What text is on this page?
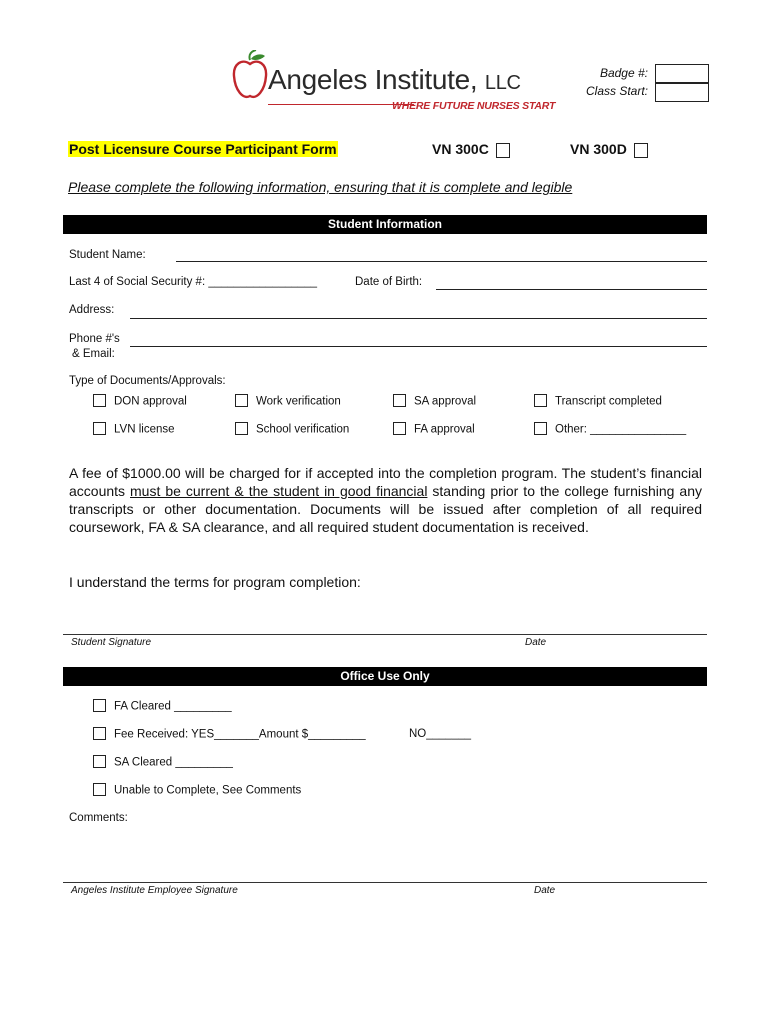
Angeles Institute, LLC
WHERE FUTURE NURSES START
Badge #:
Class Start:
Post Licensure Course Participant Form	VN 300C	VN 300D
Please complete the following information, ensuring that it is complete and legible
Student Information
Student Name:
Last 4 of Social Security #: _________________	Date of Birth:
Address:
Phone #'s
& Email:
Type of Documents/Approvals:
DON approval	Work verification	SA approval	Transcript completed
LVN license	School verification	FA approval	Other: _______________
A fee of $1000.00 will be charged for if accepted into the completion program. The student’s financial accounts must be current & the student in good financial standing prior to the college furnishing any transcripts or other documentation. Documents will be issued after completion of all required coursework, FA & SA clearance, and all required student documentation is received.
I understand the terms for program completion:
Student Signature	Date
Office Use Only
FA Cleared _________
Fee Received: YES_______Amount $_________	NO_______
SA Cleared _________
Unable to Complete, See Comments
Comments:
Angeles Institute Employee Signature	Date
